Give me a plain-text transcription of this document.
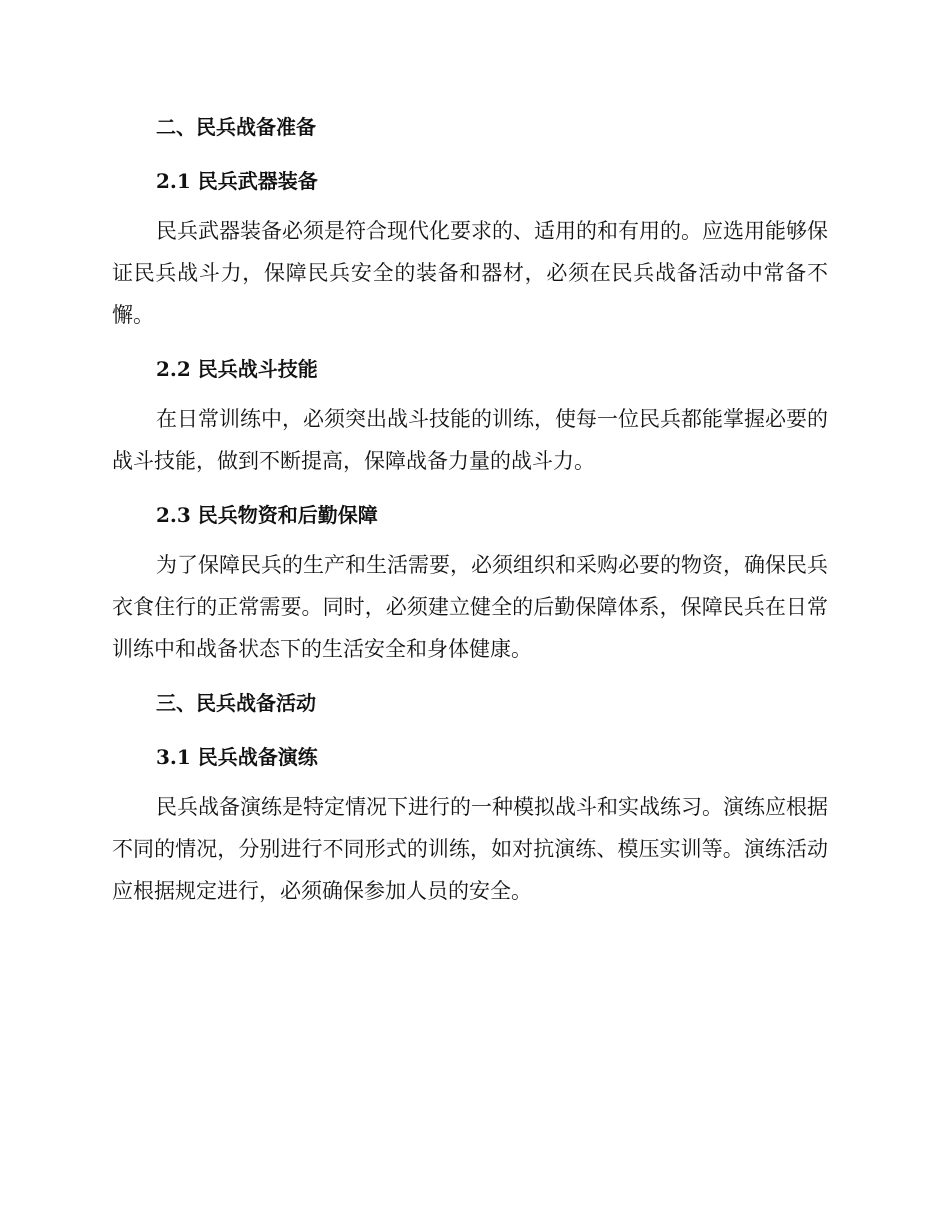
二、民兵战备准备
2.1 民兵武器装备

民兵武器装备必须是符合现代化要求的、适用的和有用的。应选用能够保证民兵战斗力，保障民兵安全的装备和器材，必须在民兵战备活动中常备不懈。

2.2 民兵战斗技能

在日常训练中，必须突出战斗技能的训练，使每一位民兵都能掌握必要的战斗技能，做到不断提高，保障战备力量的战斗力。

2.3 民兵物资和后勤保障

为了保障民兵的生产和生活需要，必须组织和采购必要的物资，确保民兵衣食住行的正常需要。同时，必须建立健全的后勤保障体系，保障民兵在日常训练中和战备状态下的生活安全和身体健康。

三、民兵战备活动
3.1 民兵战备演练

民兵战备演练是特定情况下进行的一种模拟战斗和实战练习。演练应根据不同的情况，分别进行不同形式的训练，如对抗演练、模压实训等。演练活动应根据规定进行，必须确保参加人员的安全。
